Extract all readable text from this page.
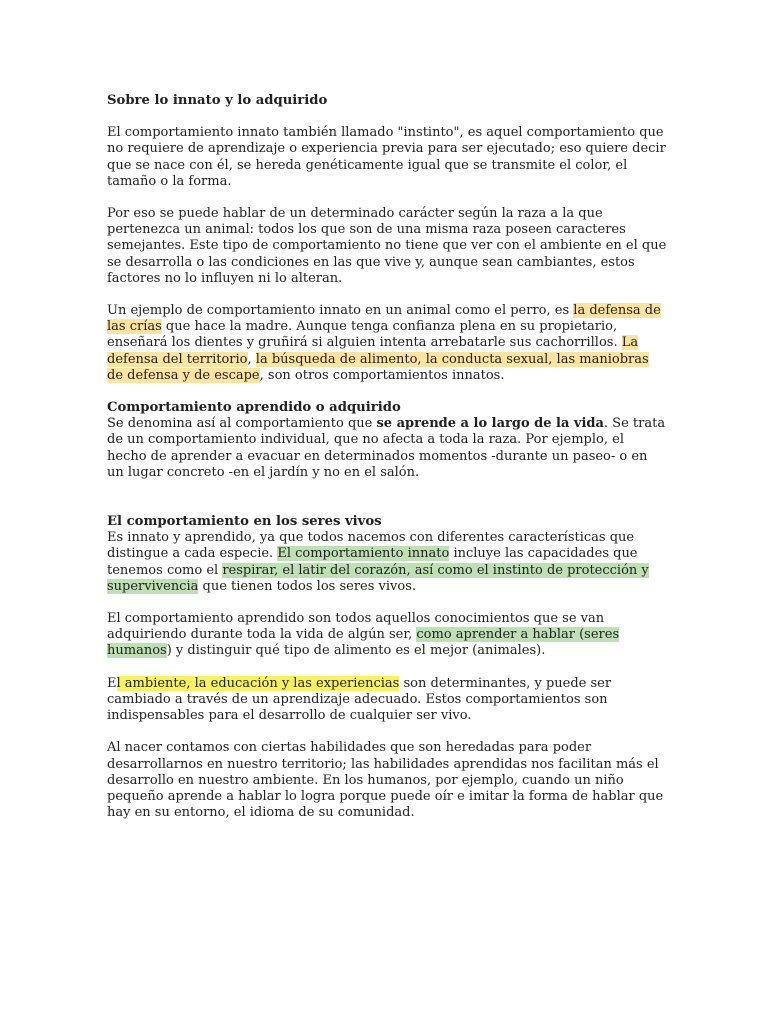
Sobre lo innato y lo adquirido

El comportamiento innato también llamado "instinto", es aquel comportamiento que no requiere de aprendizaje o experiencia previa para ser ejecutado; eso quiere decir que se nace con él, se hereda genéticamente igual que se transmite el color, el tamaño o la forma.

Por eso se puede hablar de un determinado carácter según la raza a la que pertenezca un animal: todos los que son de una misma raza poseen caracteres semejantes. Este tipo de comportamiento no tiene que ver con el ambiente en el que se desarrolla o las condiciones en las que vive y, aunque sean cambiantes, estos factores no lo influyen ni lo alteran.

Un ejemplo de comportamiento innato en un animal como el perro, es la defensa de las crías que hace la madre. Aunque tenga confianza plena en su propietario, enseñará los dientes y gruñirá si alguien intenta arrebatarle sus cachorrillos. La defensa del territorio, la búsqueda de alimento, la conducta sexual, las maniobras de defensa y de escape, son otros comportamientos innatos.

Comportamiento aprendido o adquirido

Se denomina así al comportamiento que se aprende a lo largo de la vida. Se trata de un comportamiento individual, que no afecta a toda la raza. Por ejemplo, el hecho de aprender a evacuar en determinados momentos -durante un paseo- o en un lugar concreto -en el jardín y no en el salón.

El comportamiento en los seres vivos

Es innato y aprendido, ya que todos nacemos con diferentes características que distingue a cada especie. El comportamiento innato incluye las capacidades que tenemos como el respirar, el latir del corazón, así como el instinto de protección y supervivencia que tienen todos los seres vivos.

El comportamiento aprendido son todos aquellos conocimientos que se van adquiriendo durante toda la vida de algún ser, como aprender a hablar (seres humanos) y distinguir qué tipo de alimento es el mejor (animales).

El ambiente, la educación y las experiencias son determinantes, y puede ser cambiado a través de un aprendizaje adecuado. Estos comportamientos son indispensables para el desarrollo de cualquier ser vivo.

Al nacer contamos con ciertas habilidades que son heredadas para poder desarrollarnos en nuestro territorio; las habilidades aprendidas nos facilitan más el desarrollo en nuestro ambiente. En los humanos, por ejemplo, cuando un niño pequeño aprende a hablar lo logra porque puede oír e imitar la forma de hablar que hay en su entorno, el idioma de su comunidad.
